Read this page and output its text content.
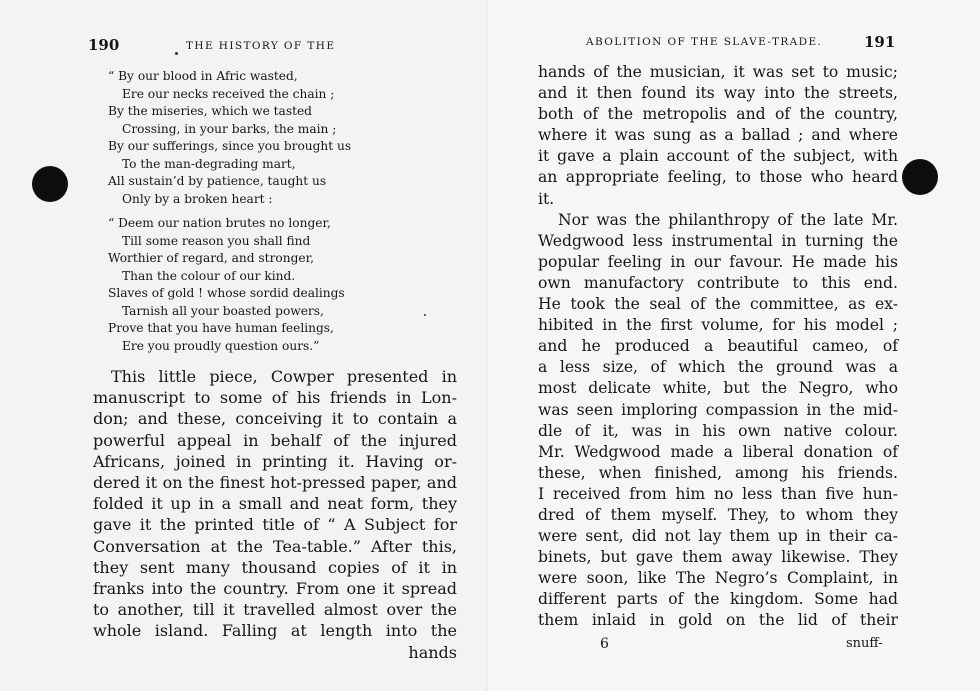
190	THE HISTORY OF THE
“ By our blood in Afric wasted,
Ere our necks received the chain ;
By the miseries, which we tasted
Crossing, in your barks, the main ;
By our sufferings, since you brought us
To the man-degrading mart,
All sustain’d by patience, taught us
Only by a broken heart :
“ Deem our nation brutes no longer,
Till some reason you shall find
Worthier of regard, and stronger,
Than the colour of our kind.
Slaves of gold ! whose sordid dealings
Tarnish all your boasted powers,
Prove that you have human feelings,
Ere you proudly question ours.”
This little piece, Cowper presented in
manuscript to some of his friends in Lon-
don; and these, conceiving it to contain a
powerful appeal in behalf of the injured
Africans, joined in printing it. Having or-
dered it on the finest hot-pressed paper, and
folded it up in a small and neat form, they
gave it the printed title of “ A Subject for
Conversation at the Tea-table.” After this,
they sent many thousand copies of it in
franks into the country. From one it spread
to another, till it travelled almost over the
whole island. Falling at length into the
hands
ABOLITION OF THE SLAVE-TRADE.	191
hands of the musician, it was set to music;
and it then found its way into the streets,
both of the metropolis and of the country,
where it was sung as a ballad ; and where
it gave a plain account of the subject, with
an appropriate feeling, to those who heard
it.
Nor was the philanthropy of the late Mr.
Wedgwood less instrumental in turning the
popular feeling in our favour. He made his
own manufactory contribute to this end.
He took the seal of the committee, as ex-
hibited in the first volume, for his model ;
and he produced a beautiful cameo, of
a less size, of which the ground was a
most delicate white, but the Negro, who
was seen imploring compassion in the mid-
dle of it, was in his own native colour.
Mr. Wedgwood made a liberal donation of
these, when finished, among his friends.
I received from him no less than five hun-
dred of them myself. They, to whom they
were sent, did not lay them up in their ca-
binets, but gave them away likewise. They
were soon, like The Negro’s Complaint, in
different parts of the kingdom. Some had
them inlaid in gold on the lid of their
6	snuff-
